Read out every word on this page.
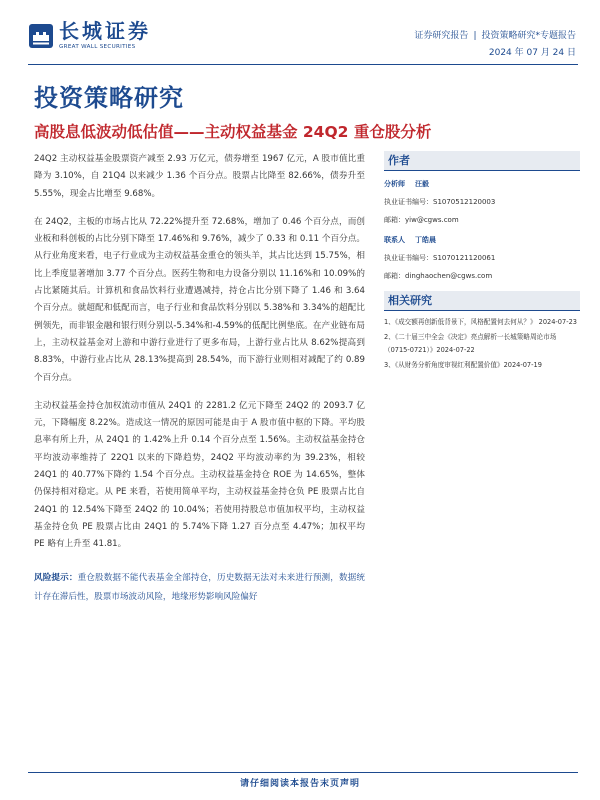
长城证券
GREAT WALL SECURITIES
证券研究报告 | 投资策略研究*专题报告
2024 年 07 月 24 日
投资策略研究
高股息低波动低估值——主动权益基金 24Q2 重仓股分析

24Q2 主动权益基金股票资产减至 2.93 万亿元，债券增至 1967 亿元，A 股市值比重降为 3.10%，自 21Q4 以来减少 1.36 个百分点。股票占比降至 82.66%，债券升至 5.55%，现金占比增至 9.68%。

在 24Q2，主板的市场占比从 72.22%提升至 72.68%，增加了 0.46 个百分点，而创业板和科创板的占比分别下降至 17.46%和 9.76%，减少了 0.33 和 0.11 个百分点。从行业角度来看，电子行业成为主动权益基金重仓的领头羊，其占比达到 15.75%，相比上季度显著增加 3.77 个百分点。医药生物和电力设备分别以 11.16%和 10.09%的占比紧随其后。计算机和食品饮料行业遭遇减持，持仓占比分别下降了 1.46 和 3.64 个百分点。就超配和低配而言，电子行业和食品饮料分别以 5.38%和 3.34%的超配比例领先，而非银金融和银行则分别以-5.34%和-4.59%的低配比例垫底。在产业链布局上，主动权益基金对上游和中游行业进行了更多布局，上游行业占比从 8.62%提高到 8.83%，中游行业占比从 28.13%提高到 28.54%，而下游行业则相对减配了约 0.89 个百分点。

主动权益基金持仓加权流动市值从 24Q1 的 2281.2 亿元下降至 24Q2 的 2093.7 亿元，下降幅度 8.22%。造成这一情况的原因可能是由于 A 股市值中枢的下降。平均股息率有所上升，从 24Q1 的 1.42%上升 0.14 个百分点至 1.56%。主动权益基金持仓平均波动率维持了 22Q1 以来的下降趋势，24Q2 平均波动率约为 39.23%，相较 24Q1 的 40.77%下降约 1.54 个百分点。主动权益基金持仓 ROE 为 14.65%，整体仍保持相对稳定。从 PE 来看，若使用简单平均，主动权益基金持仓负 PE 股票占比自 24Q1 的 12.54%下降至 24Q2 的 10.04%；若使用持股总市值加权平均，主动权益基金持仓负 PE 股票占比由 24Q1 的 5.74%下降 1.27 百分点至 4.47%；加权平均 PE 略有上升至 41.81。

风险提示：重仓股数据不能代表基金全部持仓，历史数据无法对未来进行预测，数据统计存在滞后性，股票市场波动风险，地缘形势影响风险偏好
作者
分析师 汪毅
执业证书编号：S1070512120003
邮箱：yiw@cgws.com
联系人 丁皓晨
执业证书编号：S1070121120061
邮箱：dinghaochen@cgws.com
相关研究
1、《成交额再创新低背景下，风格配置何去何从？》 2024-07-23
2、《二十届三中全会《决定》亮点解析一长城策略周论市场（0715-0721）》2024-07-22
3、《从财务分析角度审视红利配置价值》2024-07-19
请仔细阅读本报告末页声明
